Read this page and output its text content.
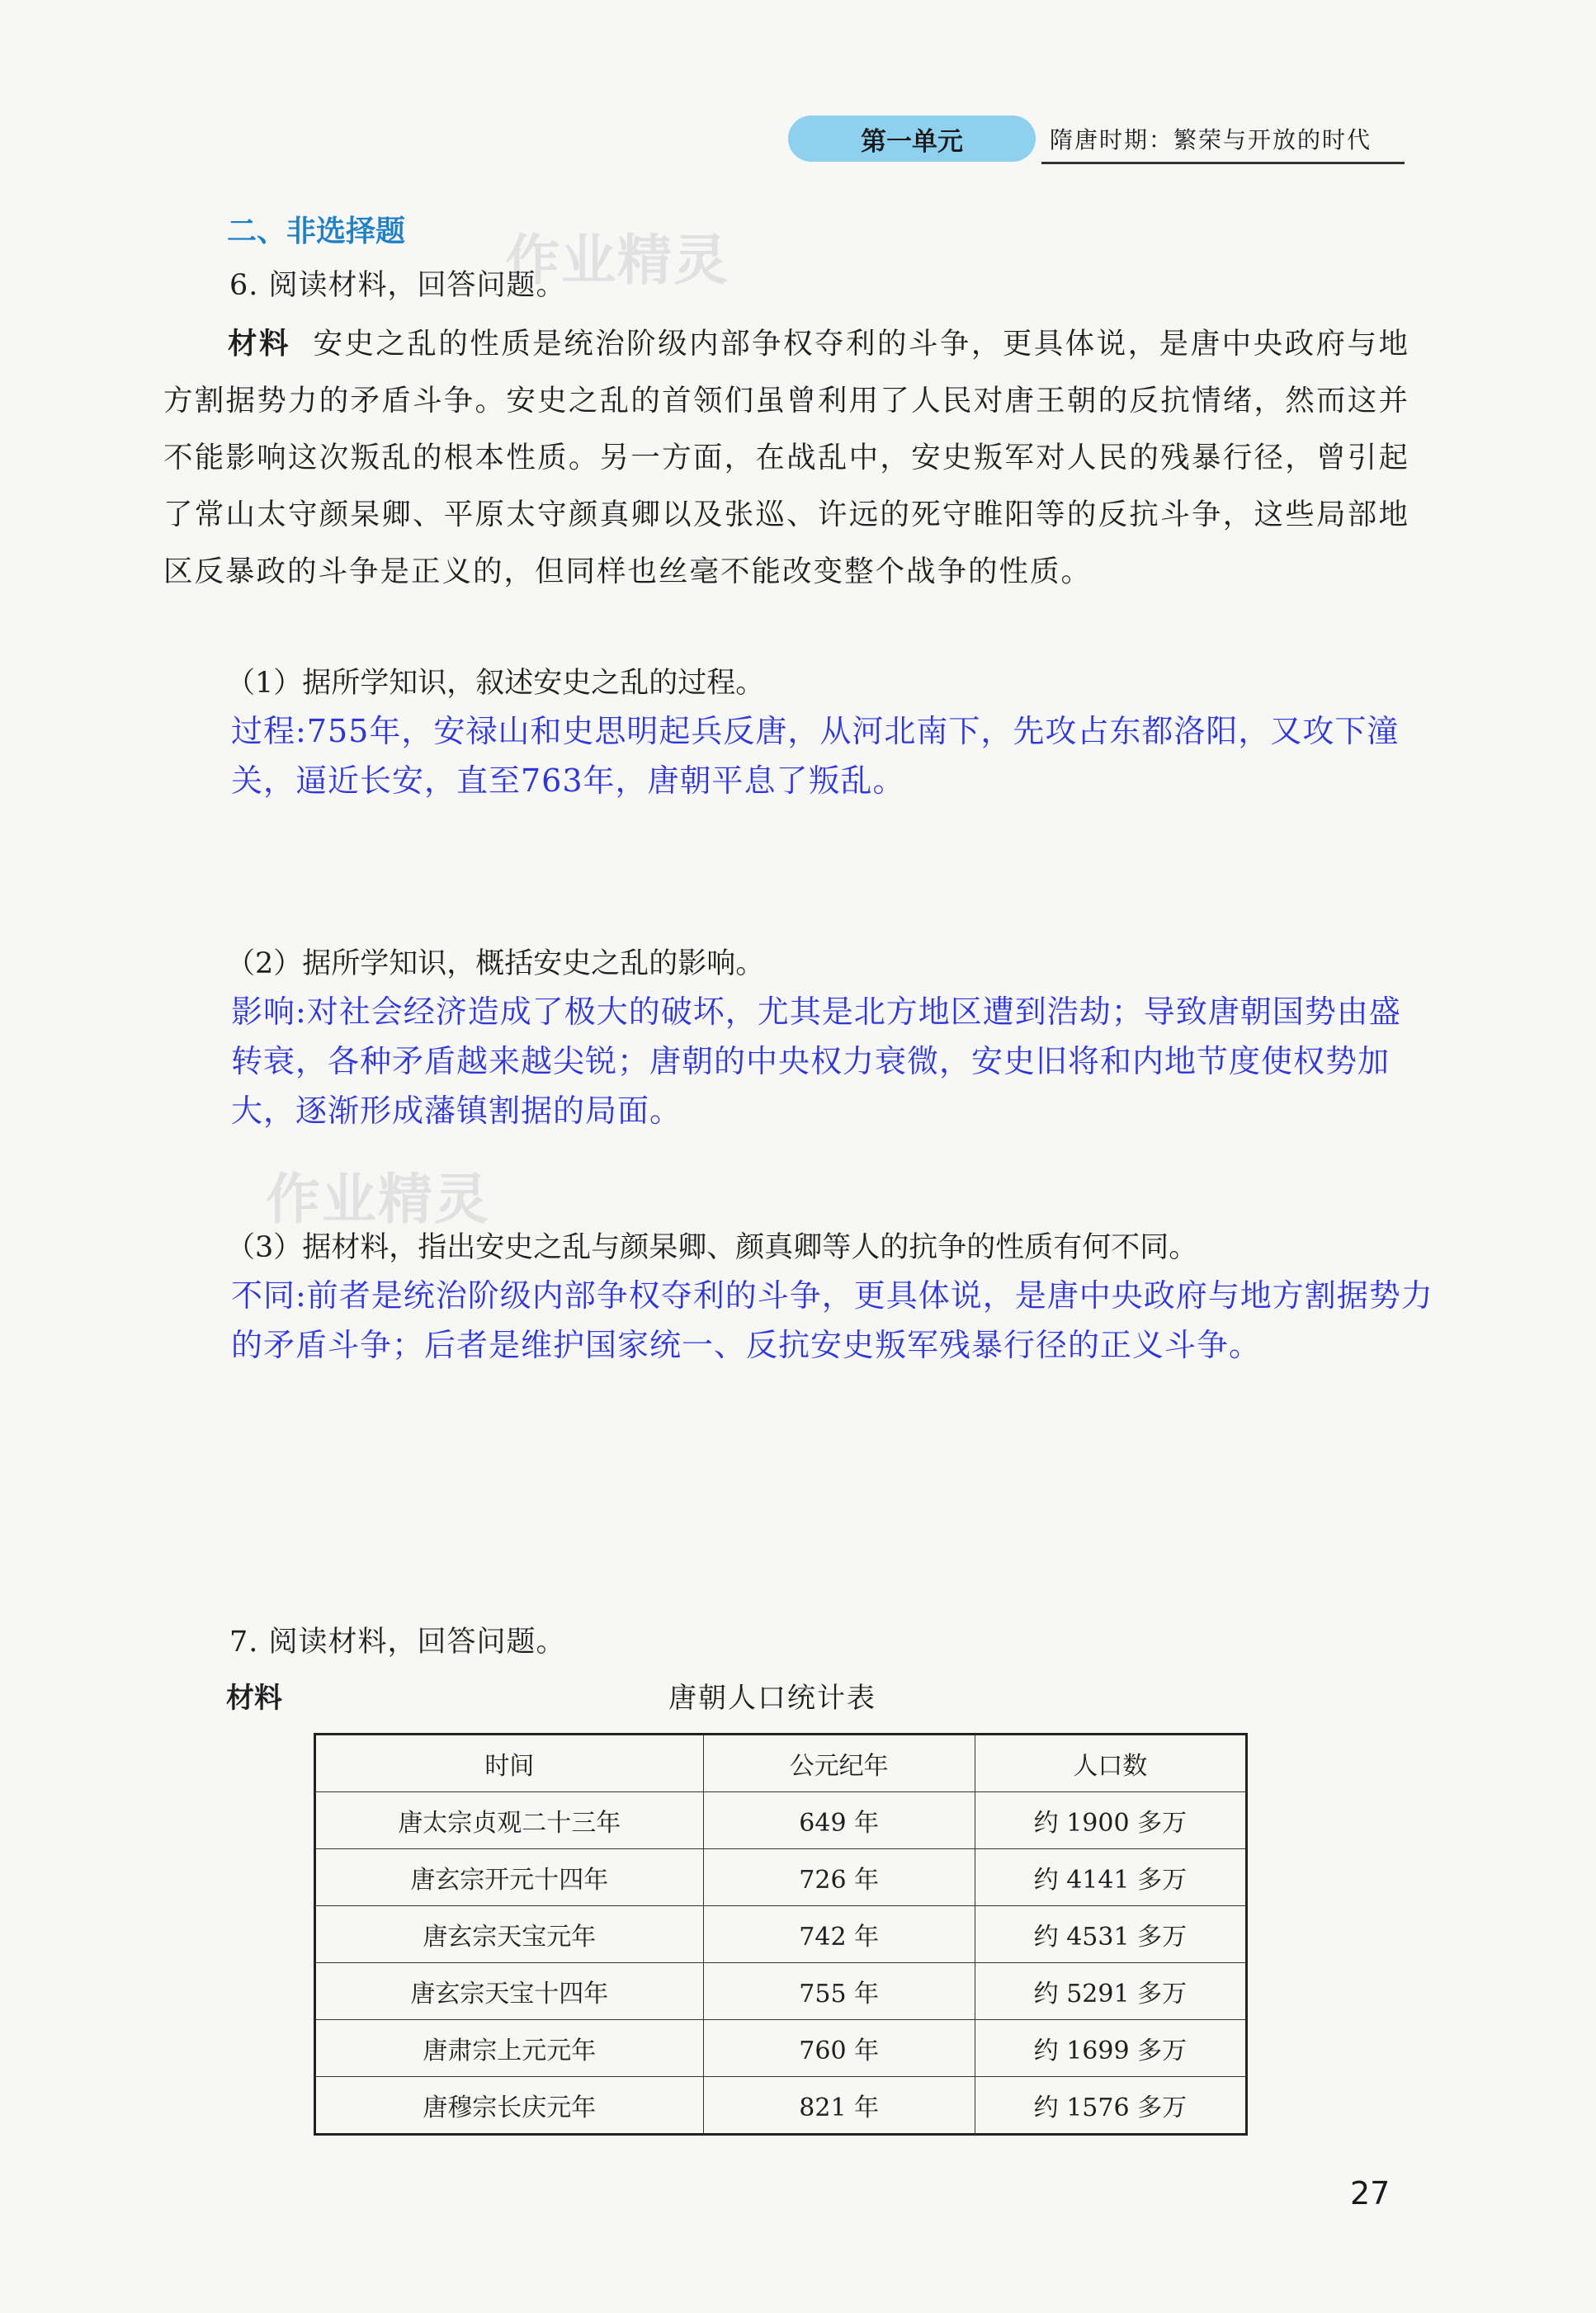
第一单元	隋唐时期：繁荣与开放的时代
二、非选择题 作业精灵
作业精灵
6. 阅读材料，回答问题。

材料 安史之乱的性质是统治阶级内部争权夺利的斗争，更具体说，是唐中央政府与地方割据势力的矛盾斗争。安史之乱的首领们虽曾利用了人民对唐王朝的反抗情绪，然而这并不能影响这次叛乱的根本性质。另一方面，在战乱中，安史叛军对人民的残暴行径，曾引起了常山太守颜杲卿、平原太守颜真卿以及张巡、许远的死守睢阳等的反抗斗争，这些局部地区反暴政的斗争是正义的，但同样也丝毫不能改变整个战争的性质。

（1）据所学知识，叙述安史之乱的过程。
过程:755年，安禄山和史思明起兵反唐，从河北南下，先攻占东都洛阳，又攻下潼关，逼近长安，直至763年，唐朝平息了叛乱。
（2）据所学知识，概括安史之乱的影响。
影响:对社会经济造成了极大的破坏，尤其是北方地区遭到浩劫；导致唐朝国势由盛转衰，各种矛盾越来越尖锐；唐朝的中央权力衰微，安史旧将和内地节度使权势加大，逐渐形成藩镇割据的局面。
（3）据材料，指出安史之乱与颜杲卿、颜真卿等人的抗争的性质有何不同。
不同:前者是统治阶级内部争权夺利的斗争，更具体说，是唐中央政府与地方割据势力的矛盾斗争；后者是维护国家统一、反抗安史叛军残暴行径的正义斗争。
7. 阅读材料，回答问题。
材料	唐朝人口统计表
时间	公元纪年	人口数
唐太宗贞观二十三年	649 年	约 1900 多万
唐玄宗开元十四年	726 年	约 4141 多万
唐玄宗天宝元年	742 年	约 4531 多万
唐玄宗天宝十四年	755 年	约 5291 多万
唐肃宗上元元年	760 年	约 1699 多万
唐穆宗长庆元年	821 年	约 1576 多万
27
